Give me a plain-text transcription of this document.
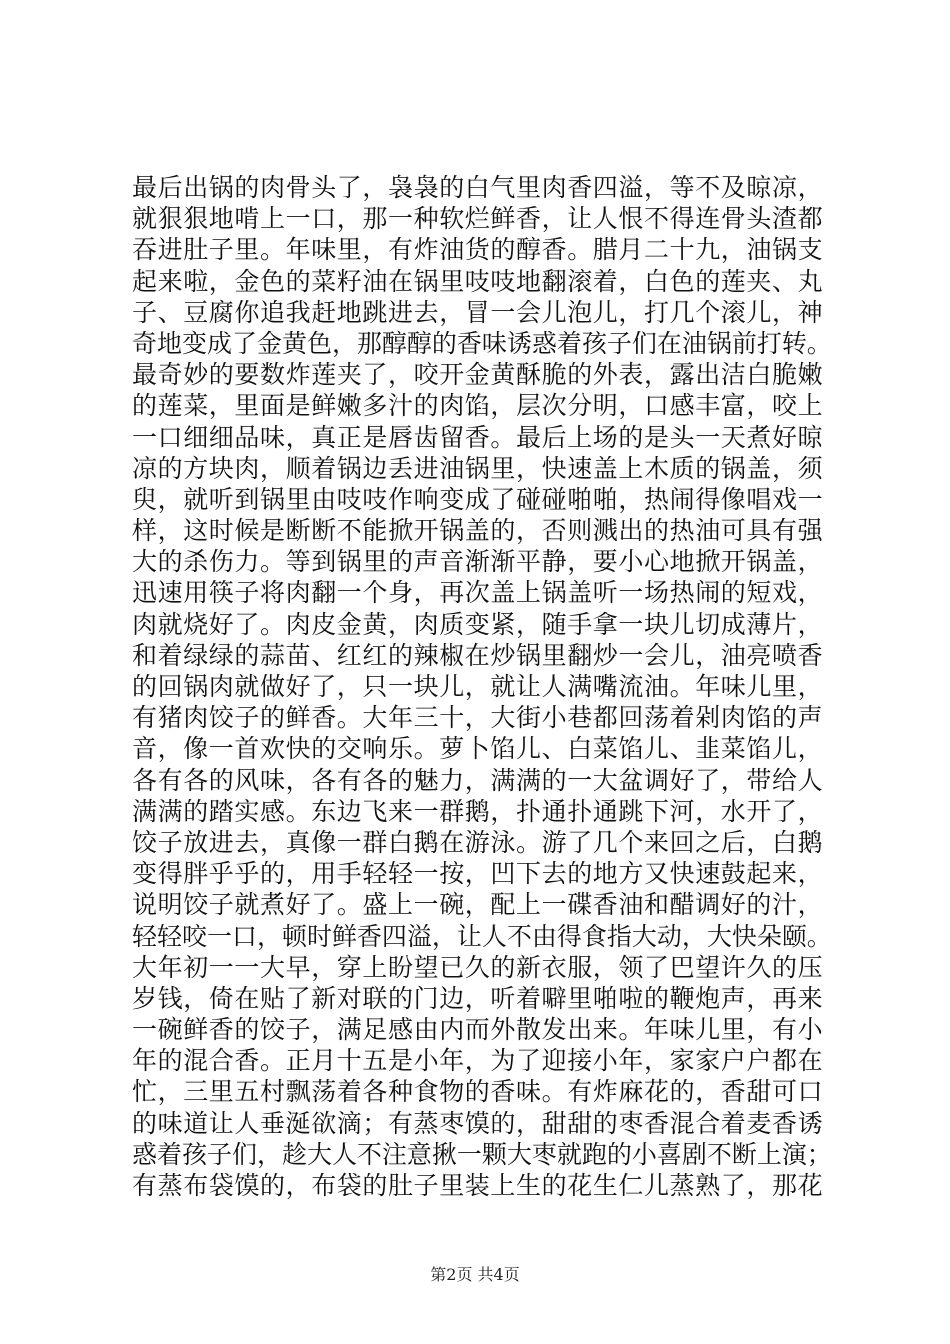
最后出锅的肉骨头了，袅袅的白气里肉香四溢，等不及晾凉，
就狠狠地啃上一口，那一种软烂鲜香，让人恨不得连骨头渣都
吞进肚子里。年味里，有炸油货的醇香。腊月二十九，油锅支
起来啦，金色的菜籽油在锅里吱吱地翻滚着，白色的莲夹、丸
子、豆腐你追我赶地跳进去，冒一会儿泡儿，打几个滚儿，神
奇地变成了金黄色，那醇醇的香味诱惑着孩子们在油锅前打转。
最奇妙的要数炸莲夹了，咬开金黄酥脆的外表，露出洁白脆嫩
的莲菜，里面是鲜嫩多汁的肉馅，层次分明，口感丰富，咬上
一口细细品味，真正是唇齿留香。最后上场的是头一天煮好晾
凉的方块肉，顺着锅边丢进油锅里，快速盖上木质的锅盖，须
臾，就听到锅里由吱吱作响变成了碰碰啪啪，热闹得像唱戏一
样，这时候是断断不能掀开锅盖的，否则溅出的热油可具有强
大的杀伤力。等到锅里的声音渐渐平静，要小心地掀开锅盖，
迅速用筷子将肉翻一个身，再次盖上锅盖听一场热闹的短戏，
肉就烧好了。肉皮金黄，肉质变紧，随手拿一块儿切成薄片，
和着绿绿的蒜苗、红红的辣椒在炒锅里翻炒一会儿，油亮喷香
的回锅肉就做好了，只一块儿，就让人满嘴流油。年味儿里，
有猪肉饺子的鲜香。大年三十，大街小巷都回荡着剁肉馅的声
音，像一首欢快的交响乐。萝卜馅儿、白菜馅儿、韭菜馅儿，
各有各的风味，各有各的魅力，满满的一大盆调好了，带给人
满满的踏实感。东边飞来一群鹅，扑通扑通跳下河，水开了，
饺子放进去，真像一群白鹅在游泳。游了几个来回之后，白鹅
变得胖乎乎的，用手轻轻一按，凹下去的地方又快速鼓起来，
说明饺子就煮好了。盛上一碗，配上一碟香油和醋调好的汁，
轻轻咬一口，顿时鲜香四溢，让人不由得食指大动，大快朵颐。
大年初一一大早，穿上盼望已久的新衣服，领了巴望许久的压
岁钱，倚在贴了新对联的门边，听着噼里啪啦的鞭炮声，再来
一碗鲜香的饺子，满足感由内而外散发出来。年味儿里，有小
年的混合香。正月十五是小年，为了迎接小年，家家户户都在
忙，三里五村飘荡着各种食物的香味。有炸麻花的，香甜可口
的味道让人垂涎欲滴；有蒸枣馍的，甜甜的枣香混合着麦香诱
惑着孩子们，趁大人不注意揪一颗大枣就跑的小喜剧不断上演；
有蒸布袋馍的，布袋的肚子里装上生的花生仁儿蒸熟了，那花
第2页 共4页
